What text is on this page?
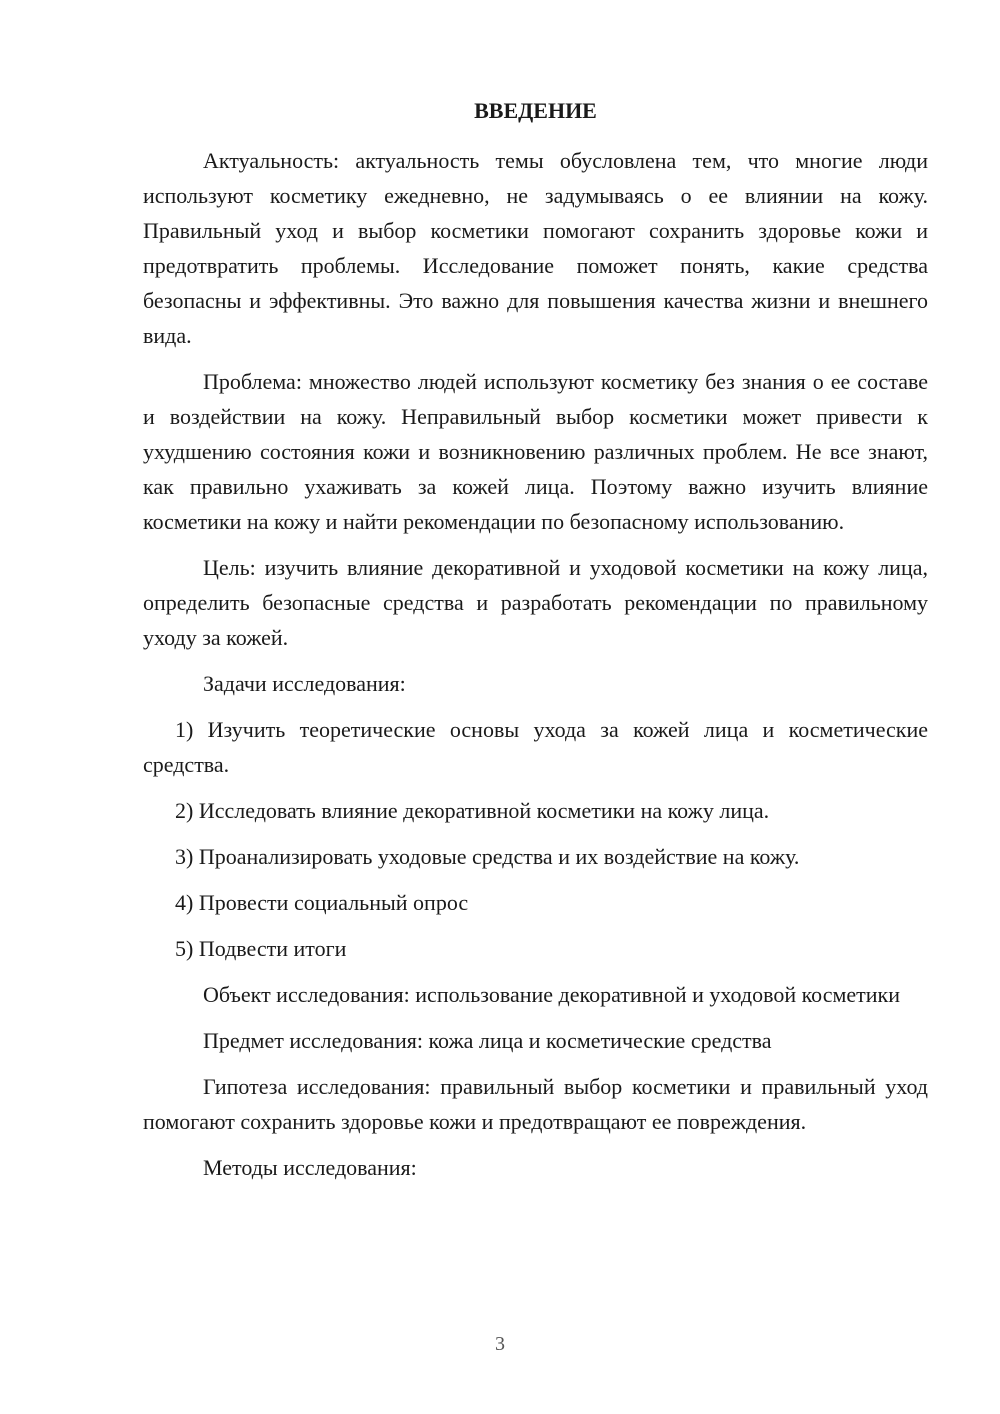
ВВЕДЕНИЕ

Актуальность: актуальность темы обусловлена тем, что многие люди используют косметику ежедневно, не задумываясь о ее влиянии на кожу. Правильный уход и выбор косметики помогают сохранить здоровье кожи и предотвратить проблемы. Исследование поможет понять, какие средства безопасны и эффективны. Это важно для повышения качества жизни и внешнего вида.

Проблема: множество людей используют косметику без знания о ее составе и воздействии на кожу. Неправильный выбор косметики может привести к ухудшению состояния кожи и возникновению различных проблем. Не все знают, как правильно ухаживать за кожей лица. Поэтому важно изучить влияние косметики на кожу и найти рекомендации по безопасному использованию.

Цель: изучить влияние декоративной и уходовой косметики на кожу лица, определить безопасные средства и разработать рекомендации по правильному уходу за кожей.

Задачи исследования:

1) Изучить теоретические основы ухода за кожей лица и косметические средства.

2) Исследовать влияние декоративной косметики на кожу лица.

3) Проанализировать уходовые средства и их воздействие на кожу.

4) Провести социальный опрос

5) Подвести итоги

Объект исследования: использование декоративной и уходовой косметики

Предмет исследования: кожа лица и косметические средства

Гипотеза исследования: правильный выбор косметики и правильный уход помогают сохранить здоровье кожи и предотвращают ее повреждения.

Методы исследования:

3
